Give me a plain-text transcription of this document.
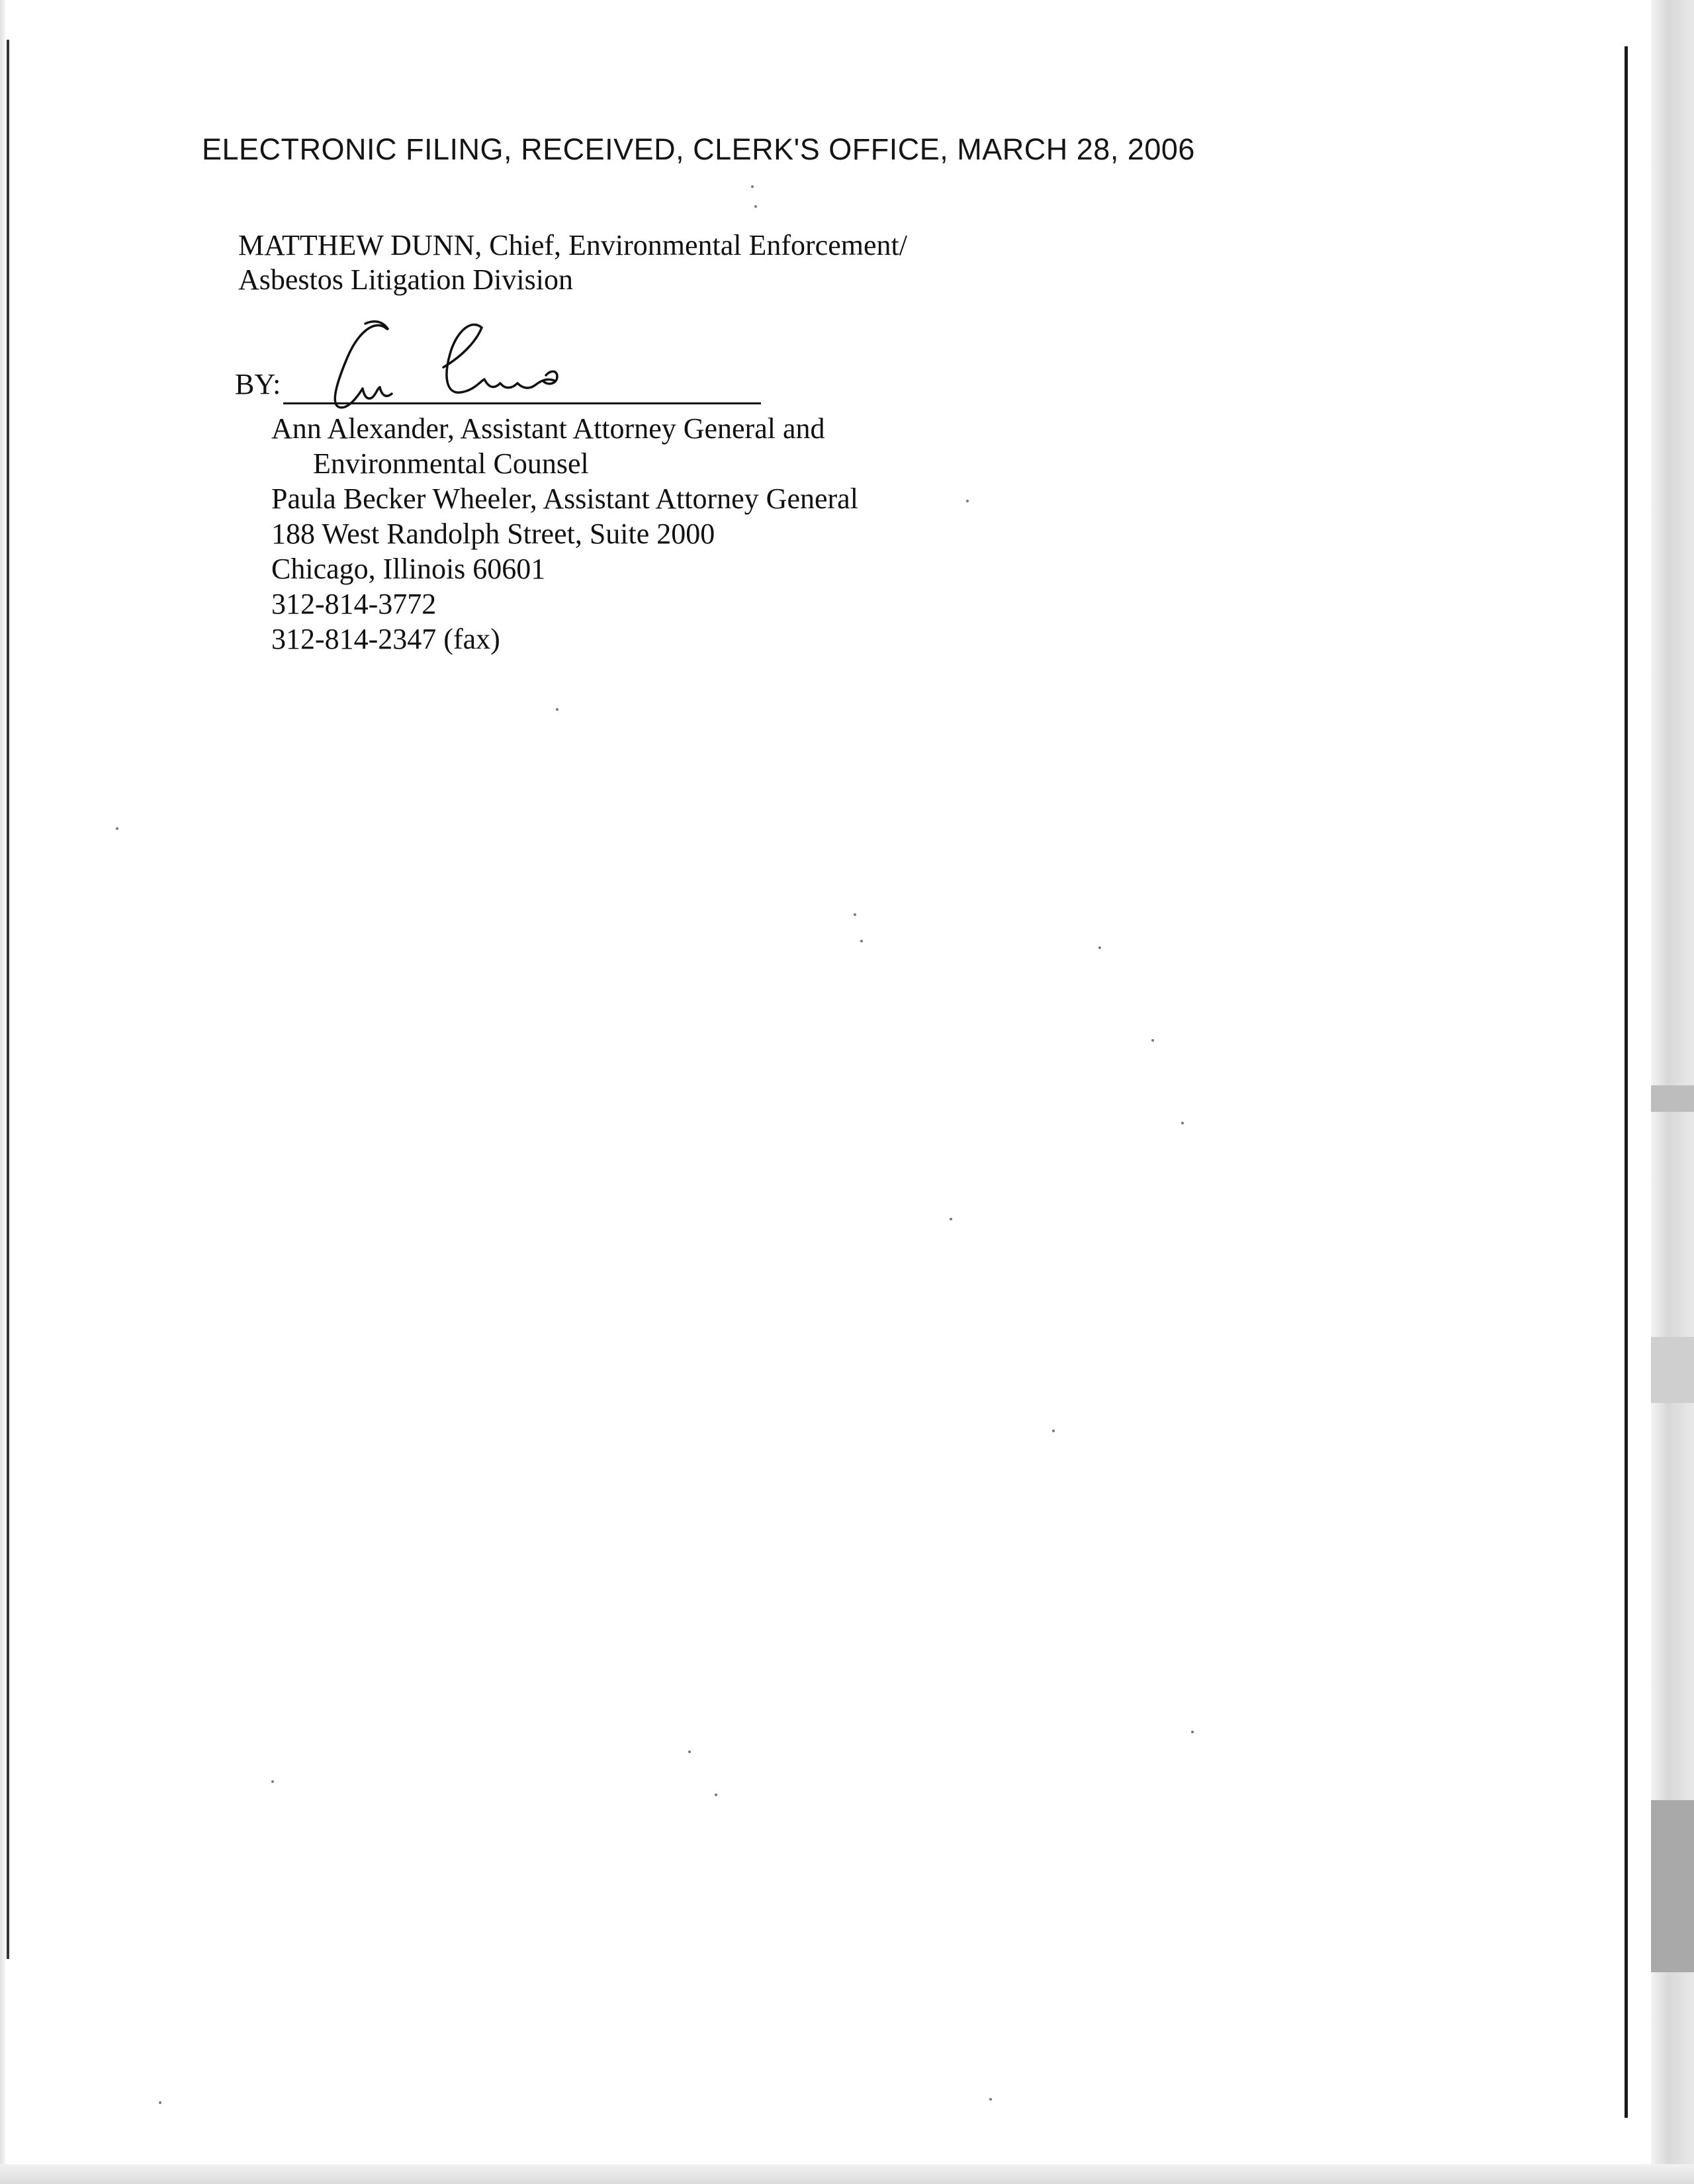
ELECTRONIC FILING, RECEIVED, CLERK'S OFFICE, MARCH 28, 2006
MATTHEW DUNN, Chief, Environmental Enforcement/
Asbestos Litigation Division
BY:
Ann Alexander, Assistant Attorney General and
Environmental Counsel
Paula Becker Wheeler, Assistant Attorney General
188 West Randolph Street, Suite 2000
Chicago, Illinois 60601
312-814-3772
312-814-2347 (fax)
